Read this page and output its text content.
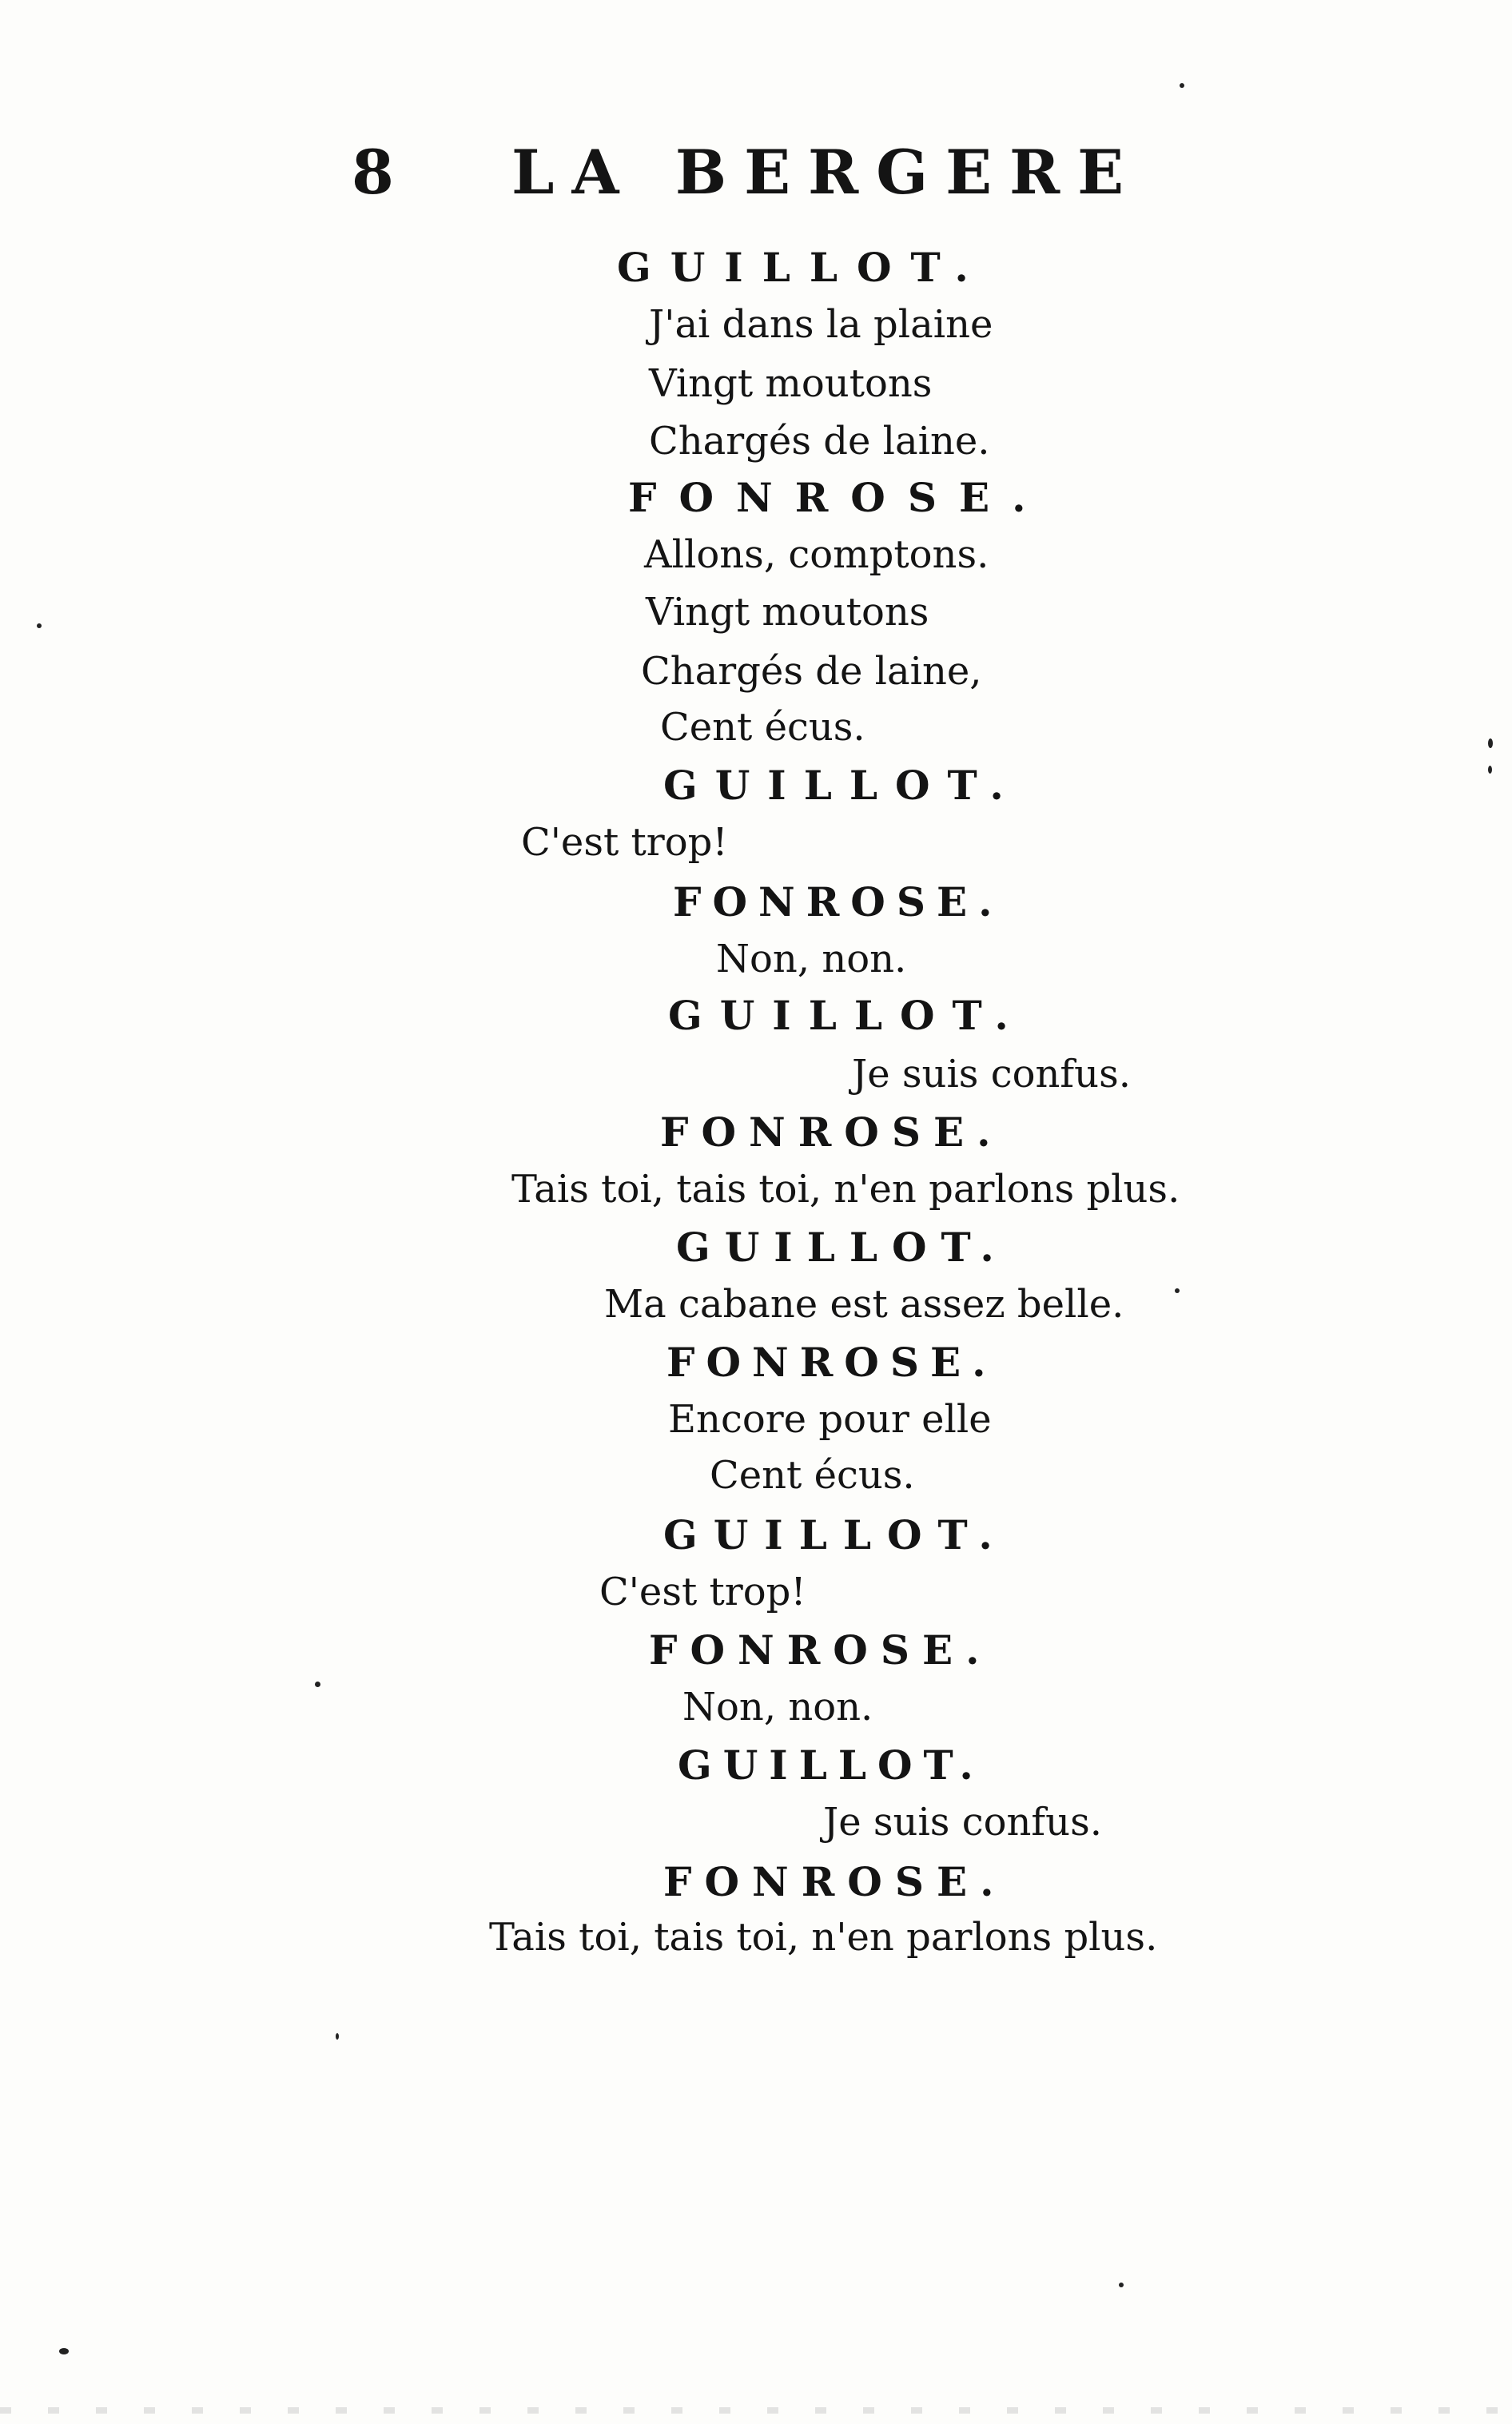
8 LA BERGERE
GUILLOT.
J'ai dans la plaine
Vingt moutons
Chargés de laine.
FONROSE.
Allons, comptons.
Vingt moutons
Chargés de laine,
Cent écus.
GUILLOT.
C'est trop!
FONROSE.
Non, non.
GUILLOT.
Je suis confus.
FONROSE.
Tais toi, tais toi, n'en parlons plus.
GUILLOT.
Ma cabane est assez belle.
FONROSE.
Encore pour elle
Cent écus.
GUILLOT.
C'est trop!
FONROSE.
Non, non.
GUILLOT.
Je suis confus.
FONROSE.
Tais toi, tais toi, n'en parlons plus.
